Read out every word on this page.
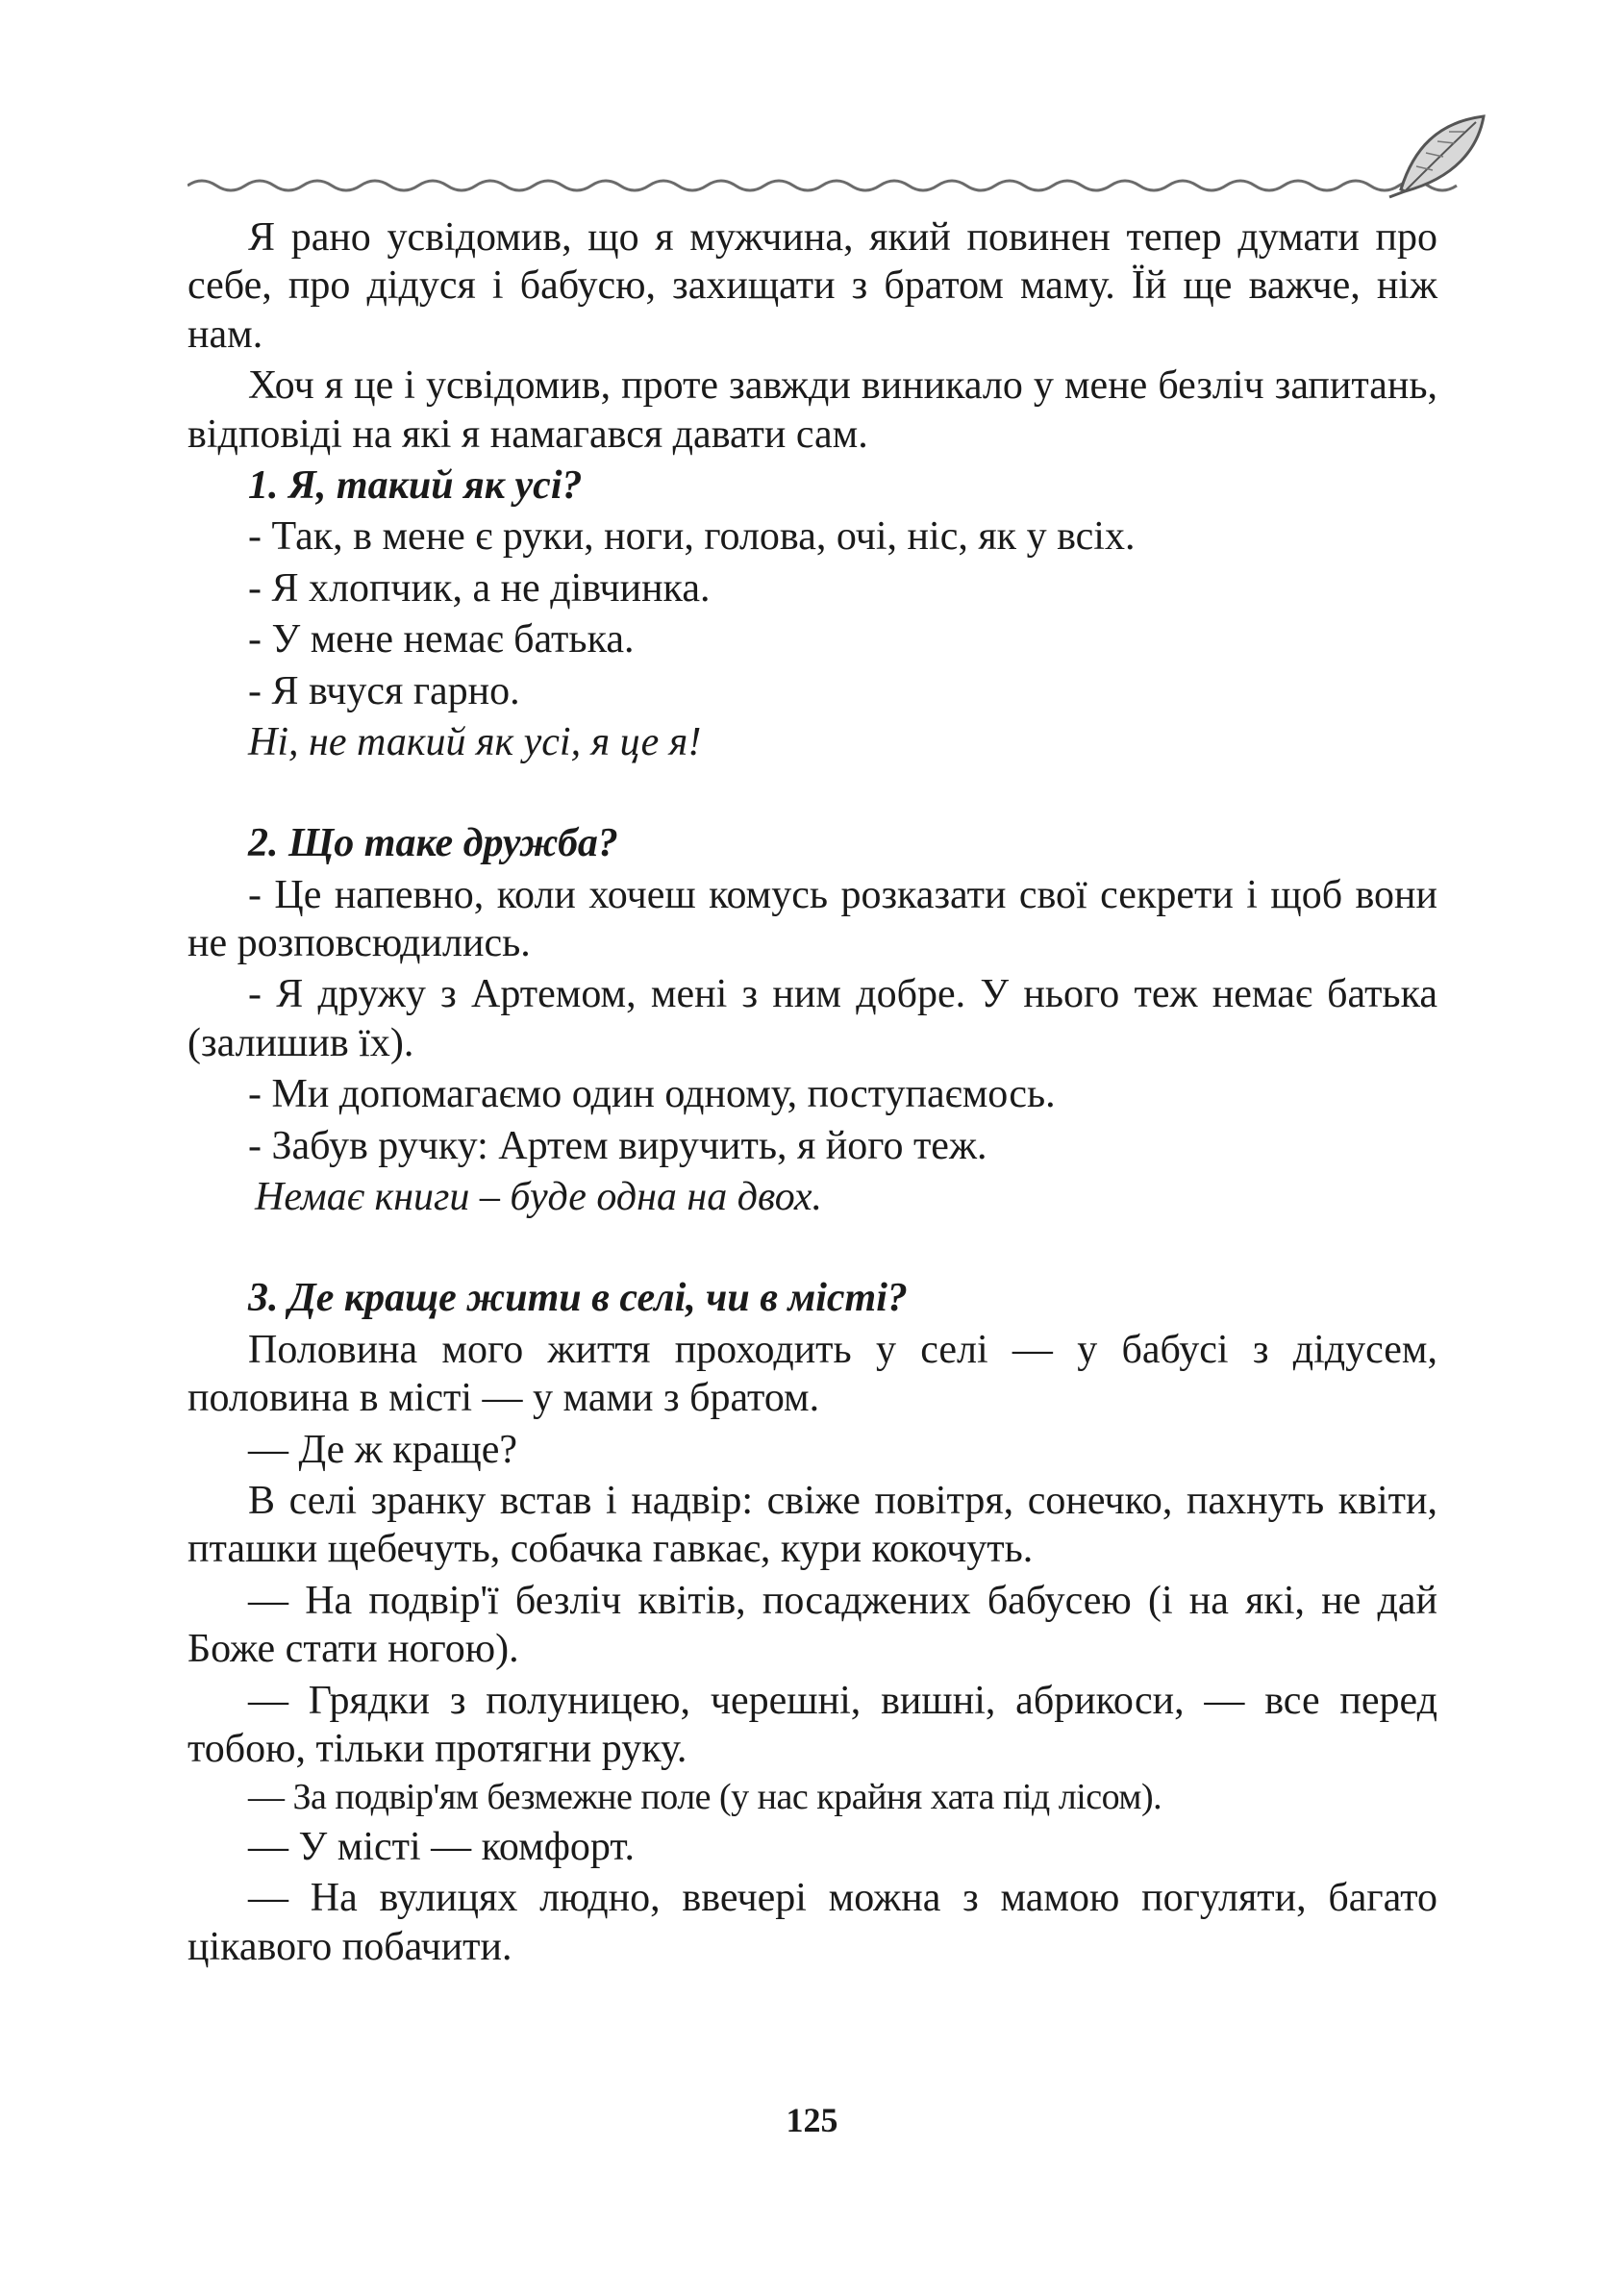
Я рано усвідомив, що я мужчина, який повинен тепер думати про себе, про дідуся і бабусю, захищати з братом маму. Їй ще важче, ніж нам.

Хоч я це і усвідомив, проте завжди виникало у мене безліч запитань, відповіді на які я намагався давати сам.

1. Я, такий як усі?

- Так, в мене є руки, ноги, голова, очі, ніс, як у всіх.

- Я хлопчик, а не дівчинка.

- У мене немає батька.

- Я вчуся гарно.

Ні, не такий як усі, я це я!

2. Що таке дружба?

- Це напевно, коли хочеш комусь розказати свої секрети і щоб вони не розповсюдились.

- Я дружу з Артемом, мені з ним добре. У нього теж немає батька (залишив їх).

- Ми допомагаємо один одному, поступаємось.

- Забув ручку: Артем виручить, я його теж.

Немає книги – буде одна на двох.

3. Де краще жити в селі, чи в місті?

Половина мого життя проходить у селі — у бабусі з дідусем, половина в місті — у мами з братом.

— Де ж краще?

В селі зранку встав і надвір: свіже повітря, сонечко, пахнуть квіти, пташки щебечуть, собачка гавкає, кури кокочуть.

— На подвір'ї безліч квітів, посаджених бабусею (і на які, не дай Боже стати ногою).

— Грядки з полуницею, черешні, вишні, абрикоси, — все перед тобою, тільки протягни руку.

— За подвір'ям безмежне поле (у нас крайня хата під лісом).

— У місті — комфорт.

— На вулицях людно, ввечері можна з мамою погуляти, багато цікавого побачити.

125
